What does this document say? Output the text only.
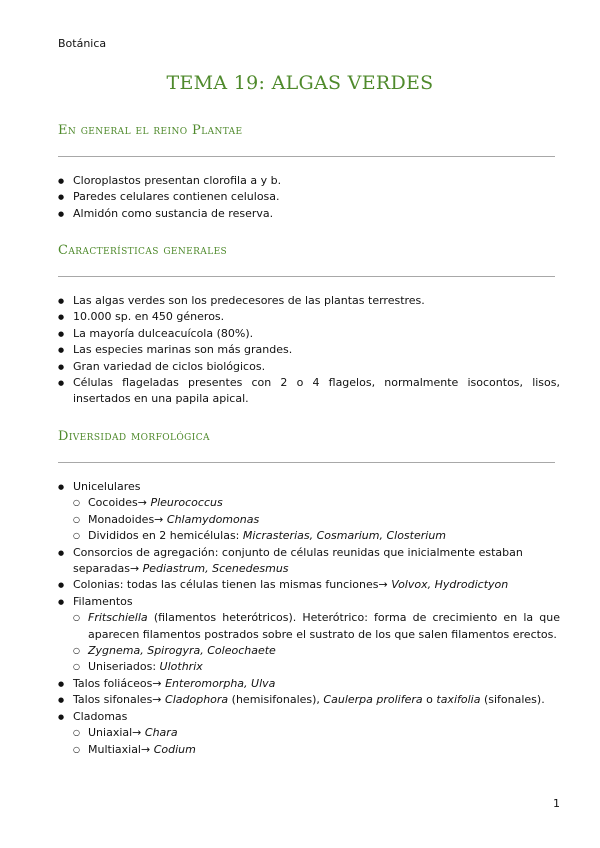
Botánica
TEMA 19: ALGAS VERDES
En general el reino Plantae
● Cloroplastos presentan clorofila a y b.
● Paredes celulares contienen celulosa.
● Almidón como sustancia de reserva.
Características generales
● Las algas verdes son los predecesores de las plantas terrestres.
● 10.000 sp. en 450 géneros.
● La mayoría dulceacuícola (80%).
● Las especies marinas son más grandes.
● Gran variedad de ciclos biológicos.
● Células flageladas presentes con 2 o 4 flagelos, normalmente isocontos, lisos, insertados en una papila apical.
Diversidad morfológica
● Unicelulares
○ Cocoides→ Pleurococcus
○ Monadoides→ Chlamydomonas
○ Divididos en 2 hemicélulas: Micrasterias, Cosmarium, Closterium
● Consorcios de agregación: conjunto de células reunidas que inicialmente estaban separadas→ Pediastrum, Scenedesmus
● Colonias: todas las células tienen las mismas funciones→ Volvox, Hydrodictyon
● Filamentos
○ Fritschiella (filamentos heterótricos). Heterótrico: forma de crecimiento en la que aparecen filamentos postrados sobre el sustrato de los que salen filamentos erectos.
○ Zygnema, Spirogyra, Coleochaete
○ Uniseriados: Ulothrix
● Talos foliáceos→ Enteromorpha, Ulva
● Talos sifonales→ Cladophora (hemisifonales), Caulerpa prolifera o taxifolia (sifonales).
● Cladomas
○ Uniaxial→ Chara
○ Multiaxial→ Codium
1
